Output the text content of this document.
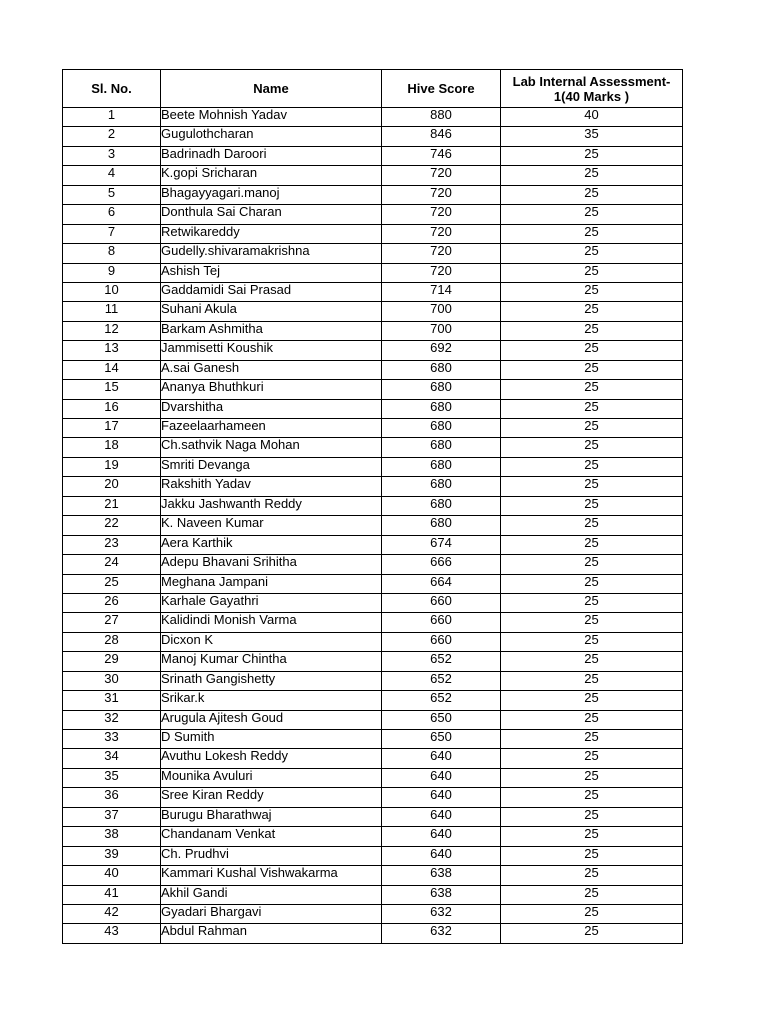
Sl. No.	Name	Hive Score	Lab Internal Assessment-1(40 Marks )
1	Beete Mohnish Yadav	880	40
2	Gugulothcharan	846	35
3	Badrinadh Daroori	746	25
4	K.gopi Sricharan	720	25
5	Bhagayyagari.manoj	720	25
6	Donthula Sai Charan	720	25
7	Retwikareddy	720	25
8	Gudelly.shivaramakrishna	720	25
9	Ashish Tej	720	25
10	Gaddamidi Sai Prasad	714	25
11	Suhani Akula	700	25
12	Barkam Ashmitha	700	25
13	Jammisetti Koushik	692	25
14	A.sai Ganesh	680	25
15	Ananya Bhuthkuri	680	25
16	Dvarshitha	680	25
17	Fazeelaarhameen	680	25
18	Ch.sathvik Naga Mohan	680	25
19	Smriti Devanga	680	25
20	Rakshith Yadav	680	25
21	Jakku Jashwanth Reddy	680	25
22	K. Naveen Kumar	680	25
23	Aera Karthik	674	25
24	Adepu Bhavani Srihitha	666	25
25	Meghana Jampani	664	25
26	Karhale Gayathri	660	25
27	Kalidindi Monish Varma	660	25
28	Dicxon K	660	25
29	Manoj Kumar Chintha	652	25
30	Srinath Gangishetty	652	25
31	Srikar.k	652	25
32	Arugula Ajitesh Goud	650	25
33	D Sumith	650	25
34	Avuthu Lokesh Reddy	640	25
35	Mounika Avuluri	640	25
36	Sree Kiran Reddy	640	25
37	Burugu Bharathwaj	640	25
38	Chandanam Venkat	640	25
39	Ch. Prudhvi	640	25
40	Kammari Kushal Vishwakarma	638	25
41	Akhil Gandi	638	25
42	Gyadari Bhargavi	632	25
43	Abdul Rahman	632	25
